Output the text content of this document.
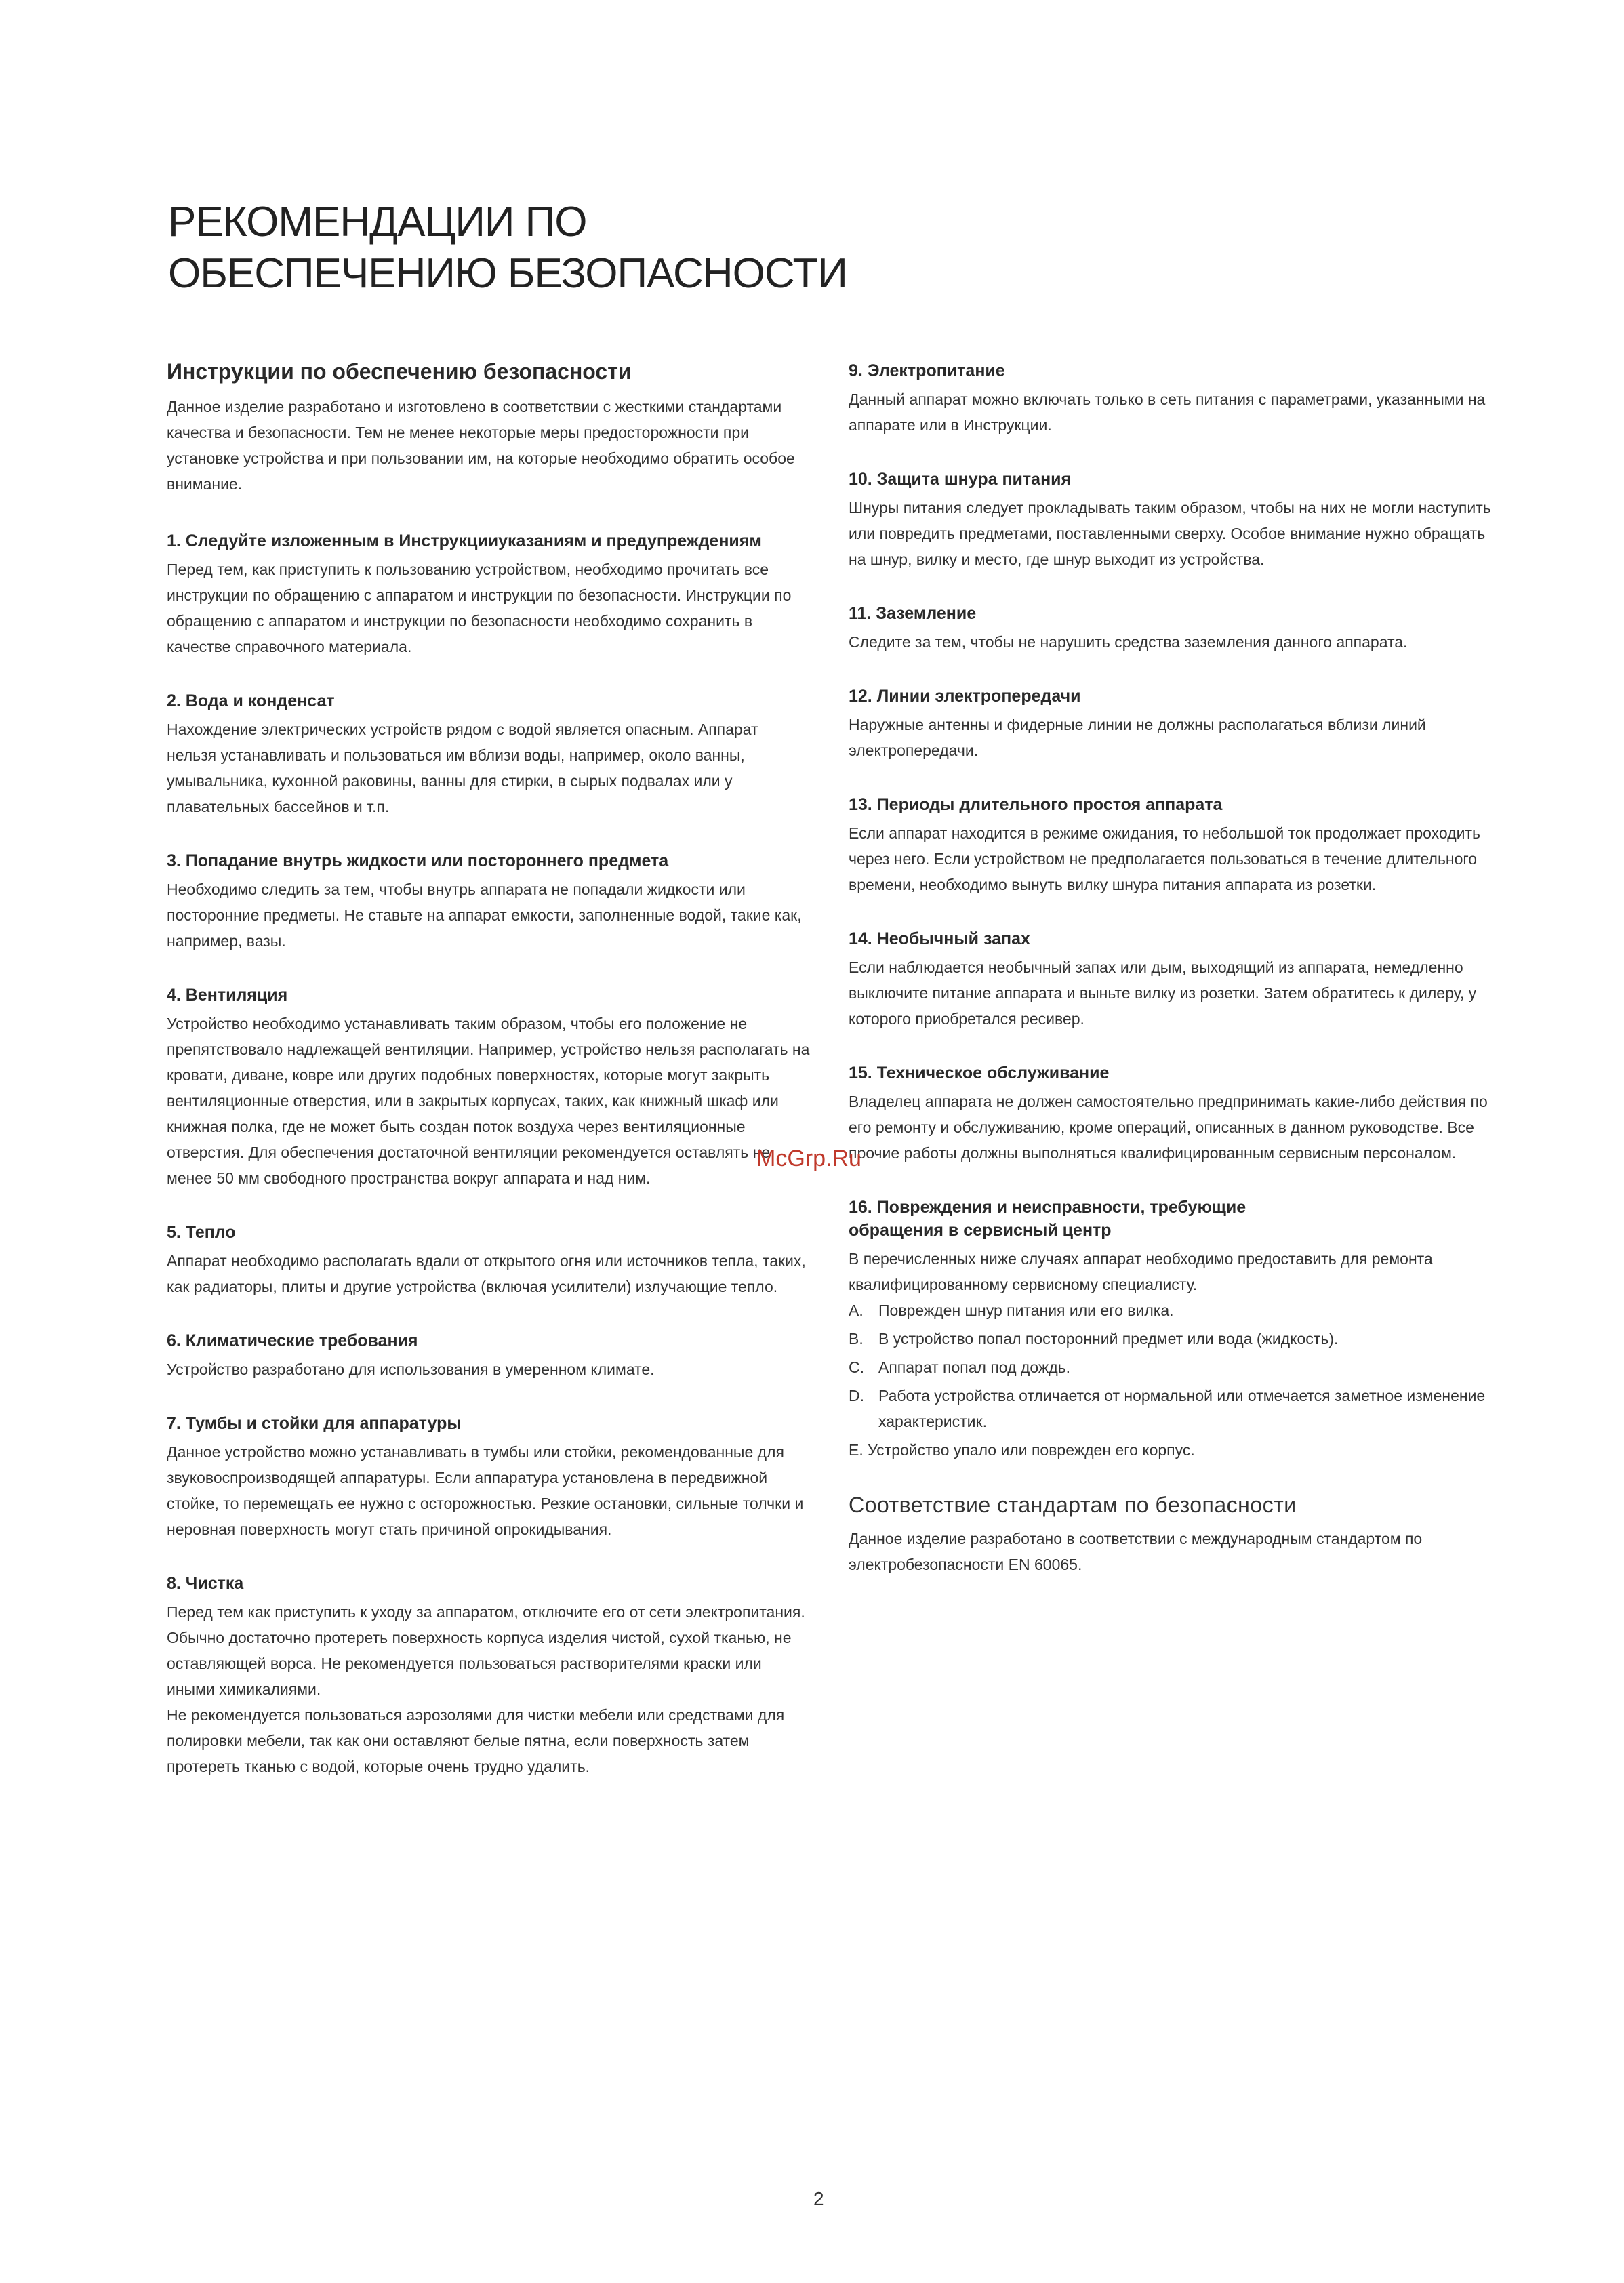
РЕКОМЕНДАЦИИ ПО
ОБЕСПЕЧЕНИЮ БЕЗОПАСНОСТИ
Инструкции по обеспечению безопасности

Данное изделие разработано и изготовлено в соответствии с жесткими стандартами качества и безопасности. Тем не менее некоторые меры предосторожности при установке устройства и при пользовании им, на которые необходимо обратить особое внимание.

1. Следуйте изложенным в Инструкцииуказаниям и предупреждениям

Перед тем, как приступить к пользованию устройством, необходимо прочитать все инструкции по обращению с аппаратом и инструкции по безопасности. Инструкции по обращению с аппаратом и инструкции по безопасности необходимо сохранить в качестве справочного материала.

2. Вода и конденсат

Нахождение электрических устройств рядом с водой является опасным. Аппарат нельзя устанавливать и пользоваться им вблизи воды, например, около ванны, умывальника, кухонной раковины, ванны для стирки, в сырых подвалах или у плавательных бассейнов и т.п.

3. Попадание внутрь жидкости или постороннего предмета

Необходимо следить за тем, чтобы внутрь аппарата не попадали жидкости или посторонние предметы. Не ставьте на аппарат емкости, заполненные водой, такие как, например, вазы.

4. Вентиляция

Устройство необходимо устанавливать таким образом, чтобы его положение не препятствовало надлежащей вентиляции. Например, устройство нельзя располагать на кровати, диване, ковре или других подобных поверхностях, которые могут закрыть вентиляционные отверстия, или в закрытых корпусах, таких, как книжный шкаф или книжная полка, где не может быть создан поток воздуха через вентиляционные отверстия. Для обеспечения достаточной вентиляции рекомендуется оставлять не менее 50 мм свободного пространства вокруг аппарата и над ним.

5. Тепло

Аппарат необходимо располагать вдали от открытого огня или источников тепла, таких, как радиаторы, плиты и другие устройства (включая усилители) излучающие тепло.

6. Климатические требования

Устройство разработано для использования в умеренном климате.

7. Тумбы и стойки для аппаратуры

Данное устройство можно устанавливать в тумбы или стойки, рекомендованные для звуковоспроизводящей аппаратуры. Если аппаратура установлена в передвижной стойке, то перемещать ее нужно с осторожностью. Резкие остановки, сильные толчки и неровная поверхность могут стать причиной опрокидывания.

8. Чистка

Перед тем как приступить к уходу за аппаратом, отключите его от сети электропитания. Обычно достаточно протереть поверхность корпуса изделия чистой, сухой тканью, не оставляющей ворса. Не рекомендуется пользоваться растворителями краски или иными химикалиями.

Не рекомендуется пользоваться аэрозолями для чистки мебели или средствами для полировки мебели, так как они оставляют белые пятна, если поверхность затем протереть тканью с водой, которые очень трудно удалить.

9. Электропитание

Данный аппарат можно включать только в сеть питания с параметрами, указанными на аппарате или в Инструкции.

10. Защита шнура питания

Шнуры питания следует прокладывать таким образом, чтобы на них не могли наступить или повредить предметами, поставленными сверху. Особое внимание нужно обращать на шнур, вилку и место, где шнур выходит из устройства.

11. Заземление

Следите за тем, чтобы не нарушить средства заземления данного аппарата.

12. Линии электропередачи

Наружные антенны и фидерные линии не должны располагаться вблизи линий электропередачи.

13. Периоды длительного простоя аппарата

Если аппарат находится в режиме ожидания, то небольшой ток продолжает проходить через него. Если устройством не предполагается пользоваться в течение длительного времени, необходимо вынуть вилку шнура питания аппарата из розетки.

14. Необычный запах

Если наблюдается необычный запах или дым, выходящий из аппарата, немедленно выключите питание аппарата и выньте вилку из розетки. Затем обратитесь к дилеру, у которого приобретался ресивер.

15. Техническое обслуживание

Владелец аппарата не должен самостоятельно предпринимать какие-либо действия по его ремонту и обслуживанию, кроме операций, описанных в данном руководстве. Все прочие работы должны выполняться квалифицированным сервисным персоналом.

16. Повреждения и неисправности, требующие
обращения в сервисный центр

В перечисленных ниже случаях аппарат необходимо предоставить для ремонта квалифицированному сервисному специалисту.

A. Поврежден шнур питания или его вилка.
B. В устройство попал посторонний предмет или вода (жидкость).
C. Аппарат попал под дождь.
D. Работа устройства отличается от нормальной или отмечается заметное изменение характеристик.

E. Устройство упало или поврежден его корпус.

Соответствие стандартам по безопасности

Данное изделие разработано в соответствии с международным стандартом по электробезопасности EN 60065.

McGrp.Ru
2
